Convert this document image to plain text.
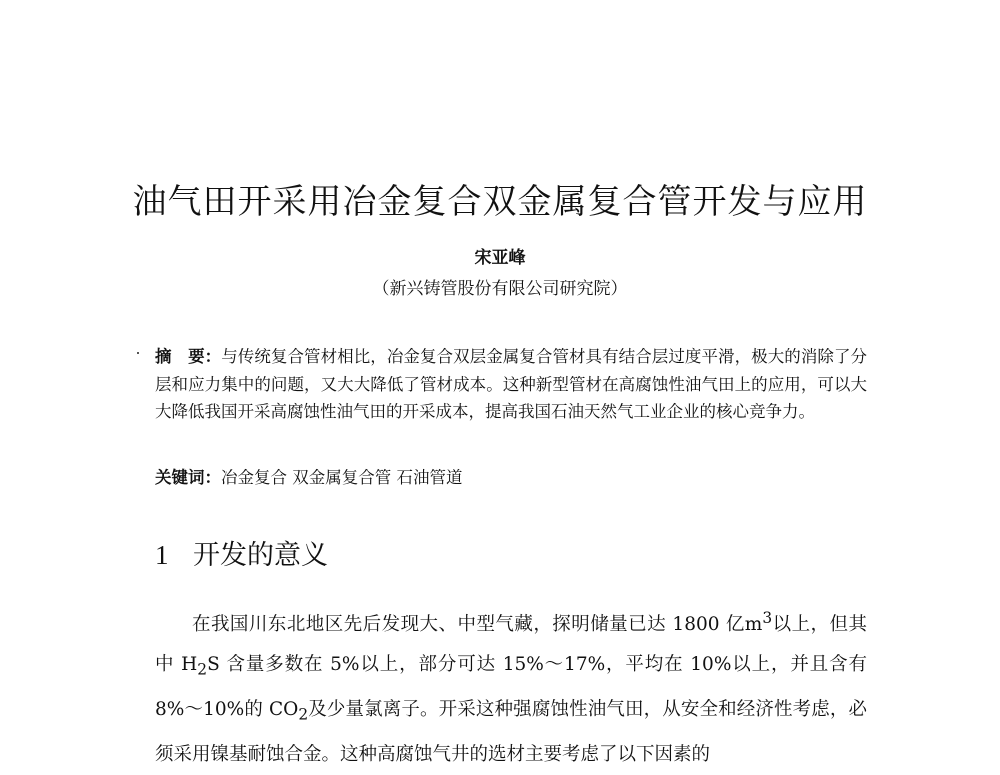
油气田开采用冶金复合双金属复合管开发与应用
宋亚峰
（新兴铸管股份有限公司研究院）

摘　要：与传统复合管材相比，冶金复合双层金属复合管材具有结合层过度平滑，极大的消除了分层和应力集中的问题，又大大降低了管材成本。这种新型管材在高腐蚀性油气田上的应用，可以大大降低我国开采高腐蚀性油气田的开采成本，提高我国石油天然气工业企业的核心竞争力。

关键词：冶金复合 双金属复合管 石油管道
1 开发的意义

在我国川东北地区先后发现大、中型气藏，探明储量已达 1800 亿$m^3$以上，但其中 $H_2S$ 含量多数在 5%以上，部分可达 15%～17%，平均在 10%以上，并且含有 8%～10%的 $CO_2$及少量氯离子。开采这种强腐蚀性油气田，从安全和经济性考虑，必须采用镍基耐蚀合金。这种高腐蚀气井的选材主要考虑了以下因素的
